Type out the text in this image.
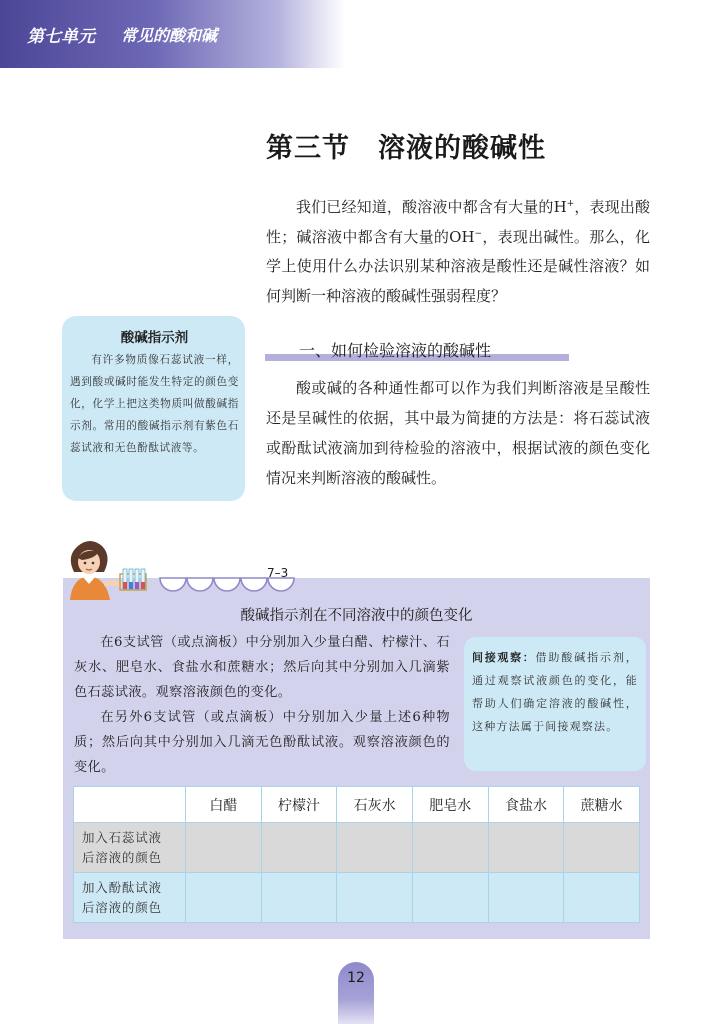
第七单元 常见的酸和碱
第三节　溶液的酸碱性

我们已经知道，酸溶液中都含有大量的H+，表现出酸性；碱溶液中都含有大量的OH−，表现出碱性。那么，化学上使用什么办法识别某种溶液是酸性还是碱性溶液？如何判断一种溶液的酸碱性强弱程度？

酸碱指示剂

有许多物质像石蕊试液一样，遇到酸或碱时能发生特定的颜色变化，化学上把这类物质叫做酸碱指示剂。常用的酸碱指示剂有紫色石蕊试液和无色酚酞试液等。

一、如何检验溶液的酸碱性

酸或碱的各种通性都可以作为我们判断溶液是呈酸性还是呈碱性的依据，其中最为简捷的方法是：将石蕊试液或酚酞试液滴加到待检验的溶液中，根据试液的颜色变化情况来判断溶液的酸碱性。

7–3
酸碱指示剂在不同溶液中的颜色变化

在6支试管（或点滴板）中分别加入少量白醋、柠檬汁、石灰水、肥皂水、食盐水和蔗糖水；然后向其中分别加入几滴紫色石蕊试液。观察溶液颜色的变化。

在另外6支试管（或点滴板）中分别加入少量上述6种物质；然后向其中分别加入几滴无色酚酞试液。观察溶液颜色的变化。

间接观察：借助酸碱指示剂，通过观察试液颜色的变化，能帮助人们确定溶液的酸碱性，这种方法属于间接观察法。
	白醋	柠檬汁	石灰水	肥皂水	食盐水	蔗糖水

加入石蕊试液
后溶液的颜色						

加入酚酞试液
后溶液的颜色						

12
